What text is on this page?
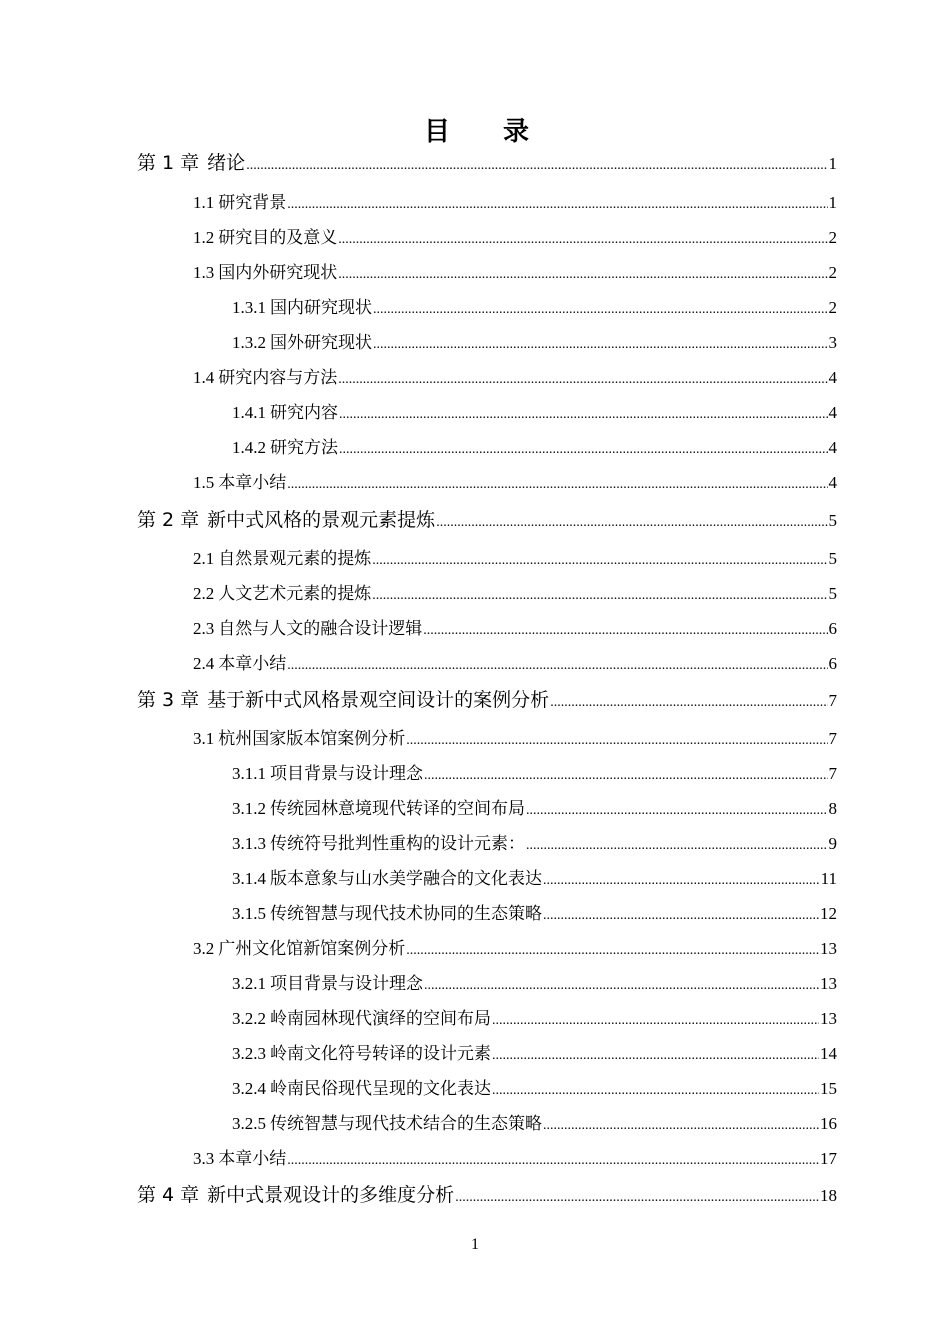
目 录
第 1 章 绪论 .....	1
1.1 研究背景 .....	1
1.2 研究目的及意义 .....	2
1.3 国内外研究现状 .....	2
1.3.1 国内研究现状 .....	2
1.3.2 国外研究现状 .....	3
1.4 研究内容与方法 .....	4
1.4.1 研究内容 .....	4
1.4.2 研究方法 .....	4
1.5 本章小结 .....	4
第 2 章 新中式风格的景观元素提炼 .....	5
2.1 自然景观元素的提炼 .....	5
2.2 人文艺术元素的提炼 .....	5
2.3 自然与人文的融合设计逻辑 .....	6
2.4 本章小结 .....	6
第 3 章 基于新中式风格景观空间设计的案例分析 .....	7
3.1 杭州国家版本馆案例分析 .....	7
3.1.1 项目背景与设计理念 .....	7
3.1.2 传统园林意境现代转译的空间布局 .....	8
3.1.3 传统符号批判性重构的设计元素： .....	9
3.1.4 版本意象与山水美学融合的文化表达 .....	11
3.1.5 传统智慧与现代技术协同的生态策略 .....	12
3.2 广州文化馆新馆案例分析 .....	13
3.2.1 项目背景与设计理念 .....	13
3.2.2 岭南园林现代演绎的空间布局 .....	13
3.2.3 岭南文化符号转译的设计元素 .....	14
3.2.4 岭南民俗现代呈现的文化表达 .....	15
3.2.5 传统智慧与现代技术结合的生态策略 .....	16
3.3 本章小结 .....	17
第 4 章 新中式景观设计的多维度分析 .....	18
1
